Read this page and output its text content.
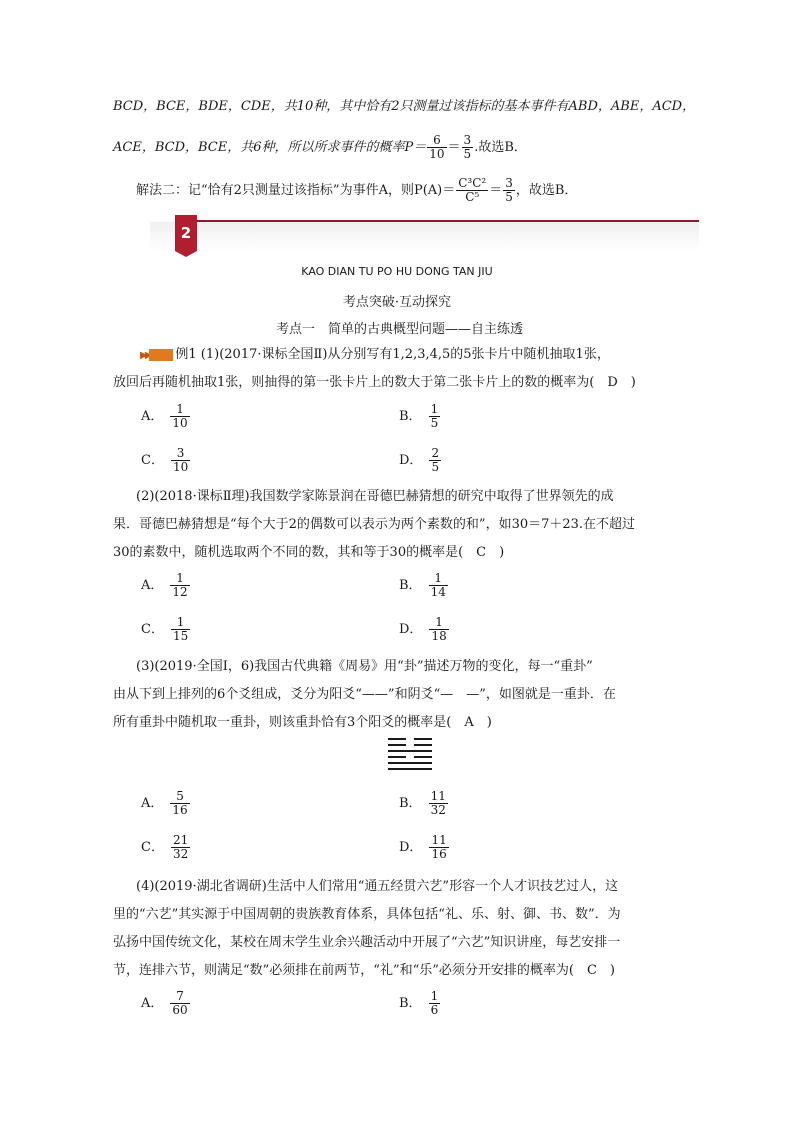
BCD，BCE，BDE，CDE，共10种，其中恰有2只测量过该指标的基本事件有ABD，ABE，ACD，
ACE，BCD，BCE，共6种，所以所求事件的概率$P= \frac{6}{10} = \frac{3}{5}$ .故选B．
解法二：记“恰有2只测量过该指标”为事件A，则$P(A)= \frac{\text{C³C²}}{\text{C⁵}} = \frac{3}{5}$ ，故选B．
2
KAO DIAN TU PO HU DONG TAN JIU
考点突破·互动探究
考点一　简单的古典概型问题——自主练透
▶▶ 例1 (1)(2017·课标全国Ⅱ)从分别写有1,2,3,4,5的5张卡片中随机抽取1张，
放回后再随机抽取1张，则抽得的第一张卡片上的数大于第二张卡片上的数的概率为(　D　)
A． $\frac{1}{10}$	B． $\frac{1}{5}$
C． $\frac{3}{10}$	D． $\frac{2}{5}$
(2)(2018·课标Ⅱ理)我国数学家陈景润在哥德巴赫猜想的研究中取得了世界领先的成
果．哥德巴赫猜想是“每个大于2的偶数可以表示为两个素数的和”，如30＝7＋23.在不超过
30的素数中，随机选取两个不同的数，其和等于30的概率是(　C　)
A． $\frac{1}{12}$	B． $\frac{1}{14}$
C． $\frac{1}{15}$	D． $\frac{1}{18}$
(3)(2019·全国Ⅰ，6)我国古代典籍《周易》用“卦”描述万物的变化，每一“重卦”
由从下到上排列的6个爻组成，爻分为阳爻“——”和阴爻“—　—”，如图就是一重卦．在
所有重卦中随机取一重卦，则该重卦恰有3个阳爻的概率是(　A　)
A． $\frac{5}{16}$	B． $\frac{11}{32}$
C． $\frac{21}{32}$	D． $\frac{11}{16}$
(4)(2019·湖北省调研)生活中人们常用“通五经贯六艺”形容一个人才识技艺过人，这
里的“六艺”其实源于中国周朝的贵族教育体系，具体包括“礼、乐、射、御、书、数”．为
弘扬中国传统文化，某校在周末学生业余兴趣活动中开展了“六艺”知识讲座，每艺安排一
节，连排六节，则满足“数”必须排在前两节，“礼”和“乐”必须分开安排的概率为(　C　)
A． $\frac{7}{60}$	B． $\frac{1}{6}$
